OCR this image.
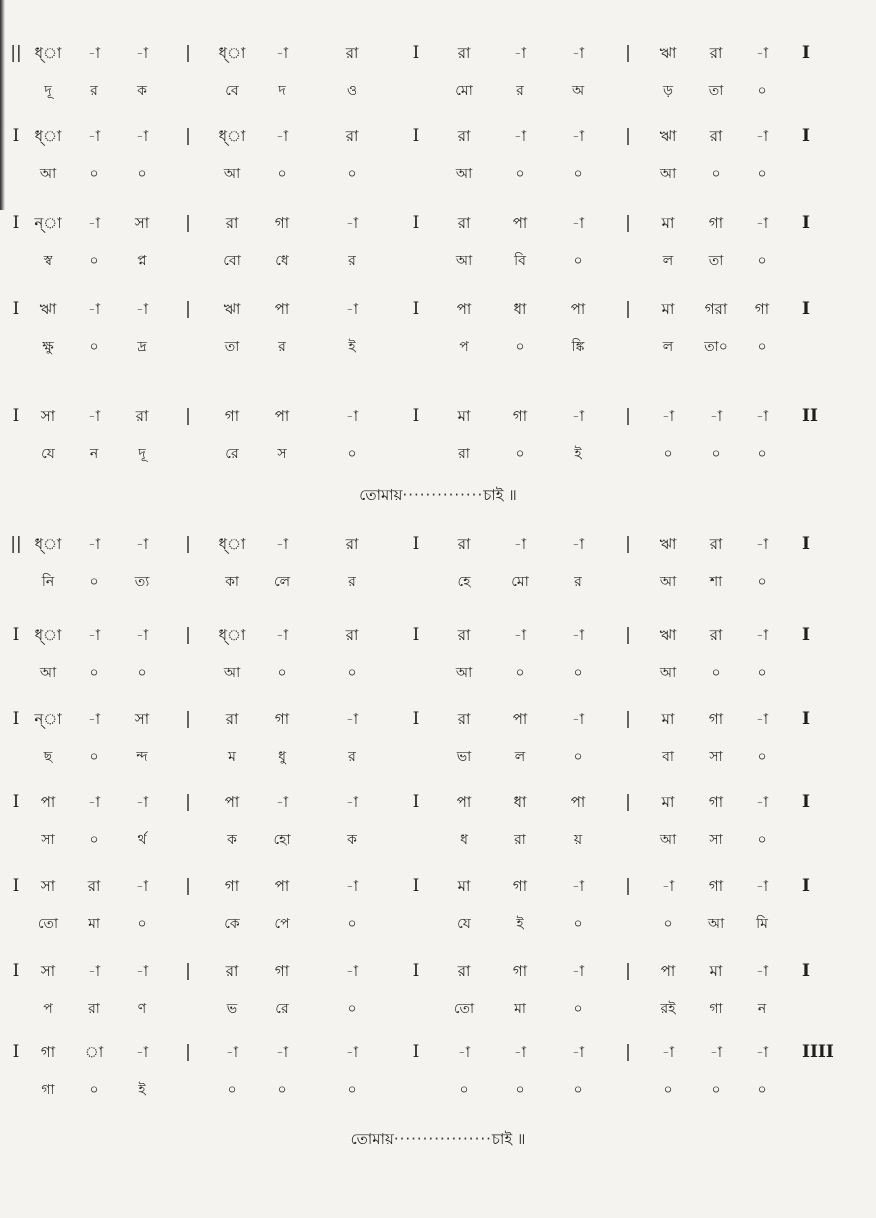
|| ধ্া	-া	-া	|	ধ্া	-া	রা	I	রা	-া	-া	|	ঋা	রা	-া	I
দূ	র	ক	বে	দ	ও	মো	র	অ	ড়	তা	০
I	ধ্া	-া	-া	|	ধ্া	-া	রা	I	রা	-া	-া	|	ঋা	রা	-া	I
আ	০	০	আ	০	০	আ	০	০	আ	০	০
I ন্া	-া	সা	|	রা	গা	-া	I	রা	পা	-া	|	মা	গা	-া	I
স্ব	০	প্ন	বো	ধে	র	আ	বি	০	ল	তা	০
I	ঋা	-া	-া	|	ঋা	পা	-া	I	পা	ধা	পা	|	মা	গরা	গা	I
ক্ষু	০	দ্র	তা	র	ই	প	০	ঙ্কি	ল	তা০	০
I	সা	-া	রা	|	গা	পা	-া	I	মা	গা	-া	|	-া	-া	-া	II
যে	ন	দূ	রে	স	০	রা	০	ই	০	০	০
তোমায়··············চাই ॥
|| ধ্া	-া	-া	|	ধ্া	-া	রা	I	রা	-া	-া	|	ঋা	রা	-া	I
নি	০	ত্য	কা	লে	র	হে	মো	র	আ	শা	০
I	ধ্া	-া	-া	|	ধ্া	-া	রা	I	রা	-া	-া	|	ঋা	রা	-া	I
আ	০	০	আ	০	০	আ	০	০	আ	০	০
I ন্া	-া	সা	|	রা	গা	-া	I	রা	পা	-া	|	মা	গা	-া	I
ছ	০	ন্দ	ম	ধু	র	ভা	ল	০	বা	সা	০
I	পা	-া	-া	|	পা	-া	-া	I	পা	ধা	পা	|	মা	গা	-া	I
সা	০	র্থ	ক	হো	ক	ধ	রা	য়	আ	সা	০
I	সা	রা	-া	|	গা	পা	-া	I	মা	গা	-া	|	-া	গা	-া	I
তো	মা	০	কে	পে	০	যে	ই	০	০	আ	মি
I	সা	-া	-া	|	রা	গা	-া	I	রা	গা	-া	|	পা	মা	-া	I
প	রা	ণ	ভ	রে	০	তো	মা	০	রই	গা	ন
I	গা	া	-া	|	-া	-া	-া	I	-া	-া	-া	|	-া	-া	-া	IIII
গা	০	ই	০	০	০	০	০	০	০	০	০
তোমায়·················চাই ॥
